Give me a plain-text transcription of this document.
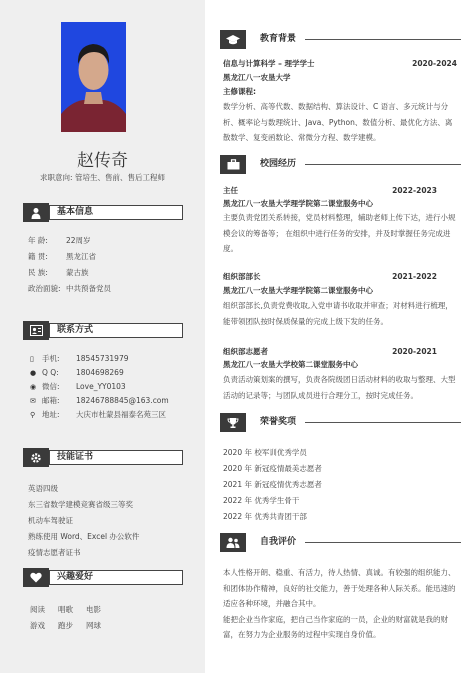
赵传奇
求职意向: 管培生、售前、售后工程师
基本信息
年 龄: 22周岁
籍 贯: 黑龙江省
民 族: 蒙古族
政治面貌: 中共预备党员
联系方式
▯ 手机: 18545731979
● Q Q: 1804698269
◉ 微信: Love_YY0103
✉ 邮箱: 18246788845@163.com
⚲ 地址: 大庆市杜蒙县福泰名苑三区
技能证书
英语四级
东三省数学建模竞赛省级三等奖
机动车驾驶证
熟练使用 Word、Excel 办公软件
疫情志愿者证书
兴趣爱好
阅读 唱歌 电影
游戏 跑步 网球
教育背景
信息与计算科学 – 理学学士	2020-2024
黑龙江八一农垦大学
主修课程:
数学分析、高等代数、数据结构、算法设计、C 语言、多元统计与分析、概率论与数理统计、Java、Python、数值分析、最优化方法、离散数学、复变函数论、常微分方程、数学建模。
校园经历
主任	2022-2023
黑龙江八一农垦大学理学院第二课堂服务中心
主要负责党团关系转接，党员材料整理，辅助老师上传下达，进行小规模会议的筹备等； 在组织中进行任务的安排，并及时掌握任务完成进度。
组织部部长	2021-2022
黑龙江八一农垦大学理学院第二课堂服务中心
组织部部长,负责党费收取,入党申请书收取并审查；对材料进行梳理，能带领团队按时保质保量的完成上级下发的任务。
组织部志愿者	2020-2021
黑龙江八一农垦大学校第二课堂服务中心
负责活动策划案的撰写，负责各院级团日活动材料的收取与整理、大型活动的记录等；与团队成员进行合理分工，按时完成任务。
荣誉奖项
2020 年 校军训优秀学员
2020 年 新冠疫情最美志愿者
2021 年 新冠疫情优秀志愿者
2022 年 优秀学生骨干
2022 年 优秀共青团干部
自我评价
本人性格开朗、稳重、有活力，待人热情、真诚。有较强的组织能力、和团体协作精神，良好的社交能力，善于处理各种人际关系。能迅速的适应各种环境，并融合其中。
能把企业当作家庭，把自己当作家庭的一员，企业的财富就是我的财富，在努力为企业服务的过程中实现自身价值。
